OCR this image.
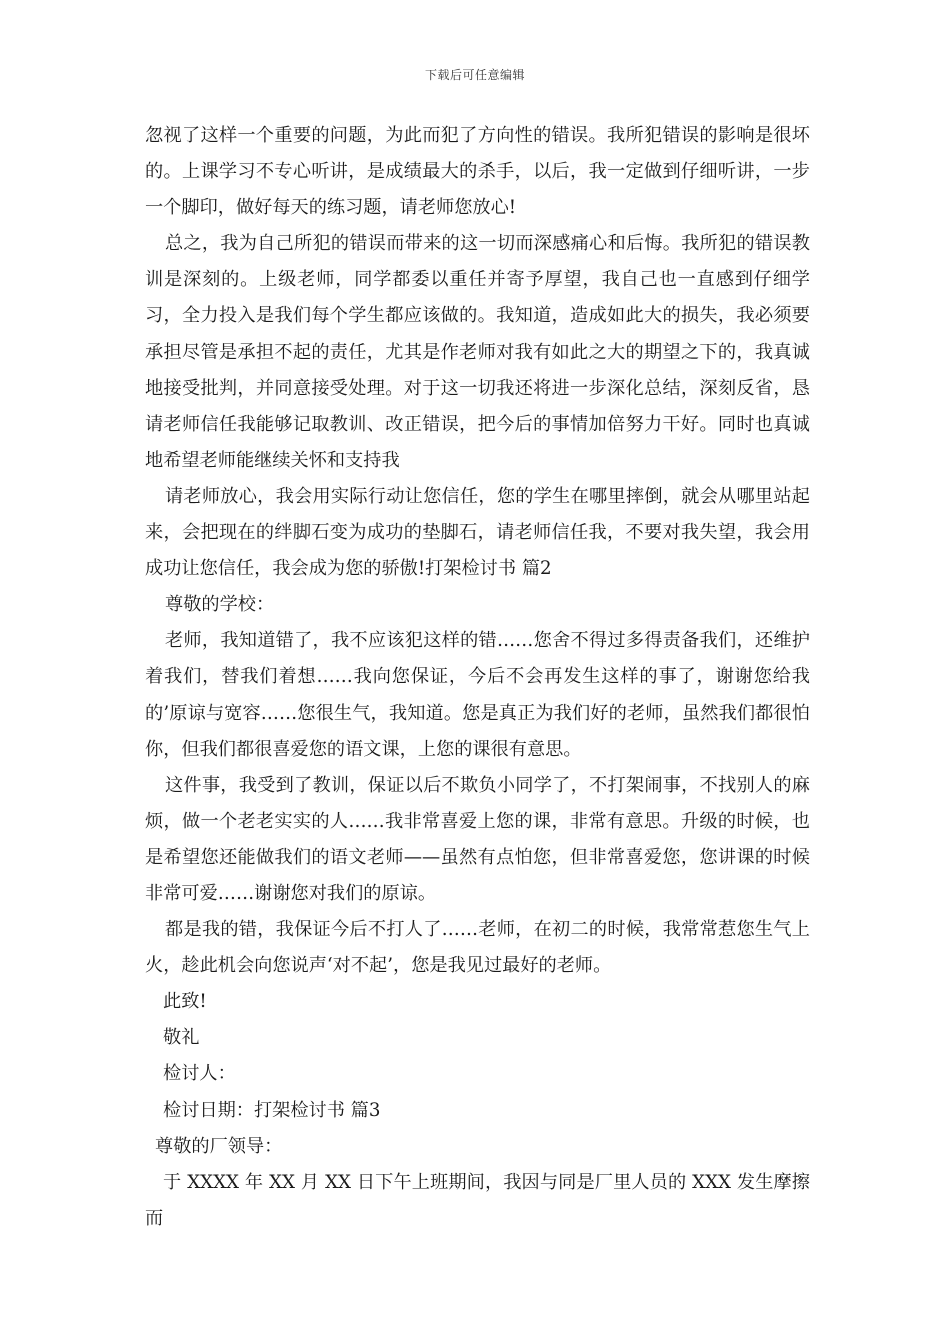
下载后可任意编辑

忽视了这样一个重要的问题，为此而犯了方向性的错误。我所犯错误的影响是很坏的。上课学习不专心听讲，是成绩最大的杀手，以后，我一定做到仔细听讲，一步一个脚印，做好每天的练习题，请老师您放心!

总之，我为自己所犯的错误而带来的这一切而深感痛心和后悔。我所犯的错误教训是深刻的。上级老师，同学都委以重任并寄予厚望，我自己也一直感到仔细学习，全力投入是我们每个学生都应该做的。我知道，造成如此大的损失，我必须要承担尽管是承担不起的责任，尤其是作老师对我有如此之大的期望之下的，我真诚地接受批判，并同意接受处理。对于这一切我还将进一步深化总结，深刻反省，恳请老师信任我能够记取教训、改正错误，把今后的事情加倍努力干好。同时也真诚地希望老师能继续关怀和支持我

请老师放心，我会用实际行动让您信任，您的学生在哪里摔倒，就会从哪里站起来，会把现在的绊脚石变为成功的垫脚石，请老师信任我，不要对我失望，我会用成功让您信任，我会成为您的骄傲!打架检讨书 篇2

尊敬的学校：

老师，我知道错了，我不应该犯这样的错……您舍不得过多得责备我们，还维护着我们，替我们着想……我向您保证，今后不会再发生这样的事了，谢谢您给我的’原谅与宽容……您很生气，我知道。您是真正为我们好的老师，虽然我们都很怕你，但我们都很喜爱您的语文课，上您的课很有意思。

这件事，我受到了教训，保证以后不欺负小同学了，不打架闹事，不找别人的麻烦，做一个老老实实的人……我非常喜爱上您的课，非常有意思。升级的时候，也是希望您还能做我们的语文老师——虽然有点怕您，但非常喜爱您，您讲课的时候非常可爱……谢谢您对我们的原谅。

都是我的错，我保证今后不打人了……老师，在初二的时候，我常常惹您生气上火，趁此机会向您说声‘对不起’，您是我见过最好的老师。

此致!

敬礼

检讨人：

检讨日期：打架检讨书 篇3

尊敬的厂领导：

于 XXXX 年 XX 月 XX 日下午上班期间，我因与同是厂里人员的 XXX 发生摩擦而
